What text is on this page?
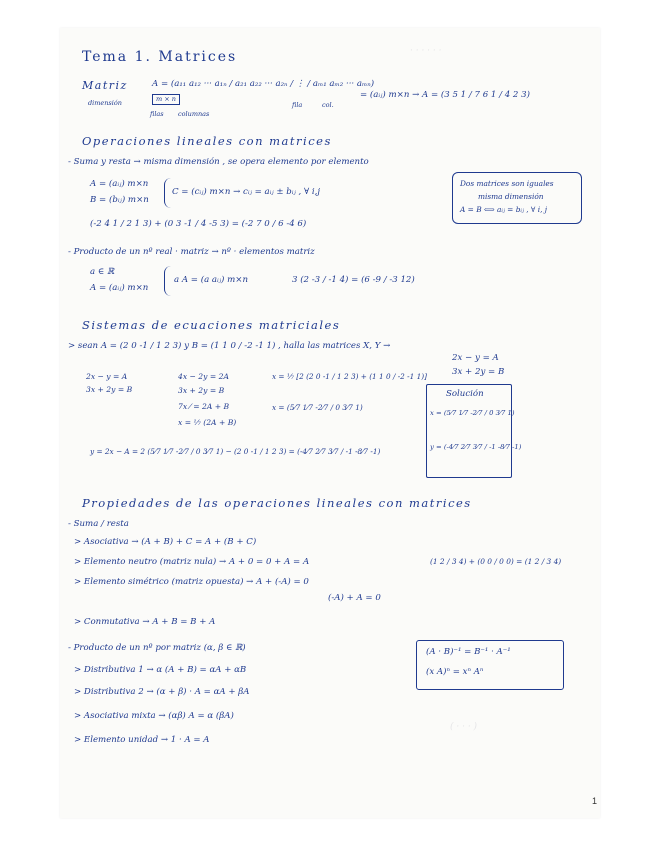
Tema 1. Matrices
Matriz	A = (a₁₁ a₁₂ ··· a₁ₙ / a₂₁ a₂₂ ··· a₂ₙ / ⋮ / aₘ₁ aₘ₂ ··· aₘₙ)
= (aᵢⱼ) m×n → A = (3 5 1 / 7 6 1 / 4 2 3)
dimensión	m × n
filas columnas
fila	col.
Operaciones lineales con matrices
- Suma y resta → misma dimensión , se opera elemento por elemento
A = (aᵢⱼ) m×n
B = (bᵢⱼ) m×n
C = (cᵢⱼ) m×n → cᵢⱼ = aᵢⱼ ± bᵢⱼ , ∀ i,j
(-2 4 1 / 2 1 3) + (0 3 -1 / 4 -5 3) = (-2 7 0 / 6 -4 6)
Dos matrices son iguales
misma dimensión
A = B ⟺ aᵢⱼ = bᵢⱼ , ∀ i, j
- Producto de un nº real · matriz → nº · elementos matriz
a ∈ ℝ
A = (aᵢⱼ) m×n
a A = (a aᵢⱼ) m×n	3 (2 -3 / -1 4) = (6 -9 / -3 12)
Sistemas de ecuaciones matriciales
> sean A = (2 0 -1 / 1 2 3) y B = (1 1 0 / -2 -1 1) , halla las matrices X, Y →
2x − y = A
3x + 2y = B
2x − y = A
3x + 2y = B
4x − 2y = 2A
3x + 2y = B
7x ⁄ = 2A + B
x = ⅐ (2A + B)
x = ⅐ [2 (2 0 -1 / 1 2 3) + (1 1 0 / -2 -1 1)]
x = (5⁄7 1⁄7 -2⁄7 / 0 3⁄7 1)
y = 2x − A = 2 (5⁄7 1⁄7 -2⁄7 / 0 3⁄7 1) − (2 0 -1 / 1 2 3) = (-4⁄7 2⁄7 3⁄7 / -1 -8⁄7 -1)
Solución
x = (5⁄7 1⁄7 -2⁄7 / 0 3⁄7 1)
y = (-4⁄7 2⁄7 3⁄7 / -1 -8⁄7 -1)
Propiedades de las operaciones lineales con matrices
- Suma / resta
> Asociativa → (A + B) + C = A + (B + C)
> Elemento neutro (matriz nula) → A + 0 = 0 + A = A	(1 2 / 3 4) + (0 0 / 0 0) = (1 2 / 3 4)
> Elemento simétrico (matriz opuesta) → A + (-A) = 0
(-A) + A = 0
> Conmutativa → A + B = B + A
- Producto de un nº por matriz (α, β ∈ ℝ)
> Distributiva 1 → α (A + B) = αA + αB
> Distributiva 2 → (α + β) · A = αA + βA
> Asociativa mixta → (αβ) A = α (βA)
> Elemento unidad → 1 · A = A
(A · B)⁻¹ = B⁻¹ · A⁻¹
(x A)ⁿ = xⁿ Aⁿ
· · · · · ·
( · · · )
1
